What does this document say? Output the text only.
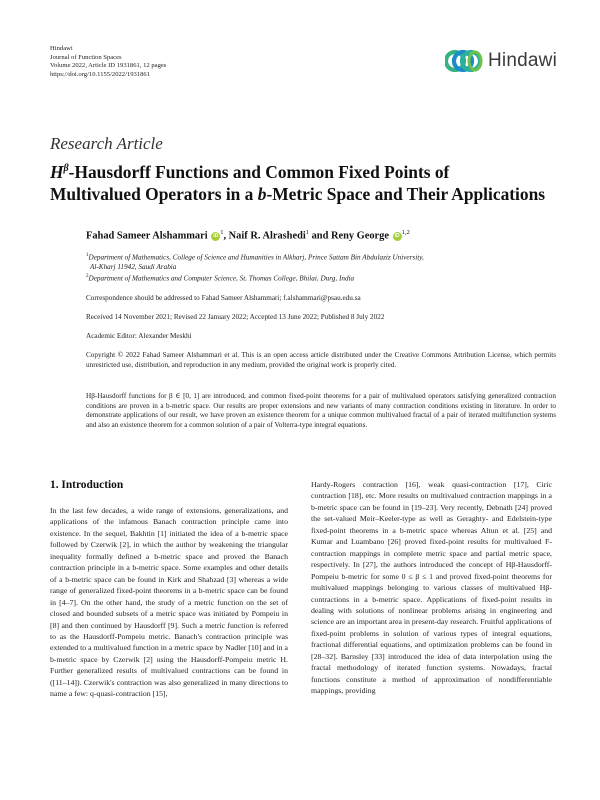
Hindawi
Journal of Function Spaces
Volume 2022, Article ID 1931861, 12 pages
https://doi.org/10.1155/2022/1931861
Hindawi
Research Article
$H^\beta$-Hausdorff Functions and Common Fixed Points of
Multivalued Operators in a b-Metric Space and Their Applications
Fahad Sameer Alshammari iD $^1$, Naif R. Alrashedi$^1$ and Reny George iD $^{1,2}$
$^1$Department of Mathematics, College of Science and Humanities in Alkharj, Prince Sattam Bin Abdulaziz University,
Al-Kharj 11942, Saudi Arabia
$^2$Department of Mathematics and Computer Science, St. Thomas College, Bhilai, Durg, India
Correspondence should be addressed to Fahad Sameer Alshammari; f.alshammari@psau.edu.sa
Received 14 November 2021; Revised 22 January 2022; Accepted 13 June 2022; Published 8 July 2022
Academic Editor: Alexander Meskhi
Copyright © 2022 Fahad Sameer Alshammari et al. This is an open access article distributed under the Creative Commons Attribution License, which permits unrestricted use, distribution, and reproduction in any medium, provided the original work is properly cited.
Hβ-Hausdorff functions for β ∈ [0, 1] are introduced, and common fixed-point theorems for a pair of multivalued operators satisfying generalized contraction conditions are proven in a b-metric space. Our results are proper extensions and new variants of many contraction conditions existing in literature. In order to demonstrate applications of our result, we have proven an existence theorem for a unique common multivalued fractal of a pair of iterated multifunction systems and also an existence theorem for a common solution of a pair of Volterra-type integral equations.
1. Introduction

In the last few decades, a wide range of extensions, generalizations, and applications of the infamous Banach contraction principle came into existence. In the sequel, Bakhtin [1] initiated the idea of a b-metric space followed by Czerwik [2], in which the author by weakening the triangular inequality formally defined a b-metric space and proved the Banach contraction principle in a b-metric space. Some examples and other details of a b-metric space can be found in Kirk and Shahzad [3] whereas a wide range of generalized fixed-point theorems in a b-metric space can be found in [4–7]. On the other hand, the study of a metric function on the set of closed and bounded subsets of a metric space was initiated by Pompeiu in [8] and then continued by Hausdorff [9]. Such a metric function is referred to as the Hausdorff-Pompeiu metric. Banach's contraction principle was extended to a multivalued function in a metric space by Nadler [10] and in a b-metric space by Czerwik [2] using the Hausdorff-Pompeiu metric H. Further generalized results of multivalued contractions can be found in ([11–14]). Czerwik's contraction was also generalized in many directions to name a few: q-quasi-contraction [15],

Hardy-Rogers contraction [16], weak quasi-contraction [17], Ciric contraction [18], etc. More results on multivalued contraction mappings in a b-metric space can be found in [19–23]. Very recently, Debnath [24] proved the set-valued Meir–Keeler-type as well as Geraghty- and Edelstein-type fixed-point theorems in a b-metric space whereas Altun et al. [25] and Kumar and Luambano [26] proved fixed-point results for multivalued F-contraction mappings in complete metric space and partial metric space, respectively. In [27], the authors introduced the concept of Hβ-Hausdorff-Pompeiu b-metric for some 0 ≤ β ≤ 1 and proved fixed-point theorems for multivalued mappings belonging to various classes of multivalued Hβ-contractions in a b-metric space. Applications of fixed-point results in dealing with solutions of nonlinear problems arising in engineering and science are an important area in present-day research. Fruitful applications of fixed-point problems in solution of various types of integral equations, fractional differential equations, and optimization problems can be found in [28–32]. Barnsley [33] introduced the idea of data interpolation using the fractal methodology of iterated function systems. Nowadays, fractal functions constitute a method of approximation of nondifferentiable mappings, providing
